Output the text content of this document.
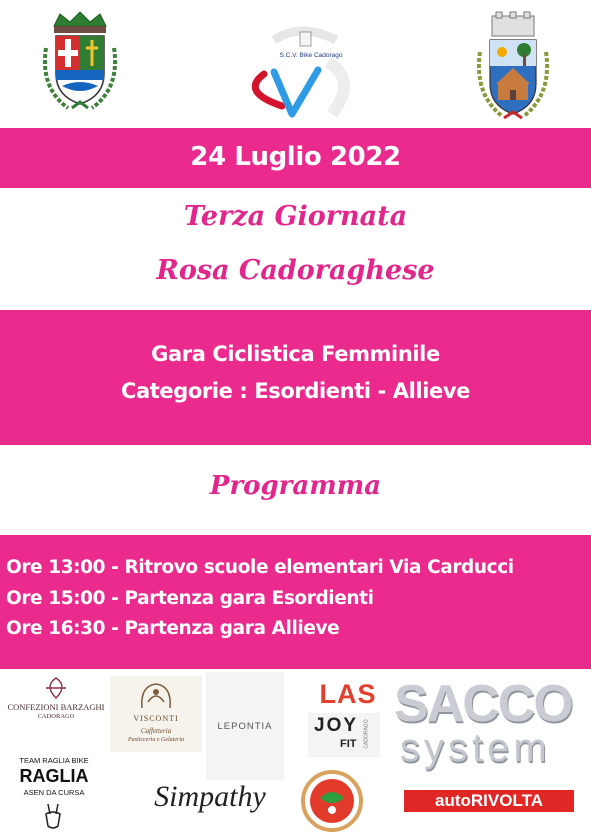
S.C.V. Bike Cadorago
24 Luglio 2022
Terza Giornata
Rosa Cadoraghese
Gara Ciclistica Femminile
Categorie : Esordienti - Allieve
Programma
Ore 13:00 - Ritrovo scuole elementari Via Carducci
Ore 15:00 - Partenza gara Esordienti
Ore 16:30 - Partenza gara Allieve
CONFEZIONI BARZAGHI
CADORAGO	VISCONTI
Caffetteria
Pasticceria e Gelateria
LEPONTIA
LAS
JOY
FIT CADORAGO
SACCO
system
TEAM RAGLIA BIKE
RAGLIA
ASEN DA CURSA	Simpathy	autoRIVOLTA
